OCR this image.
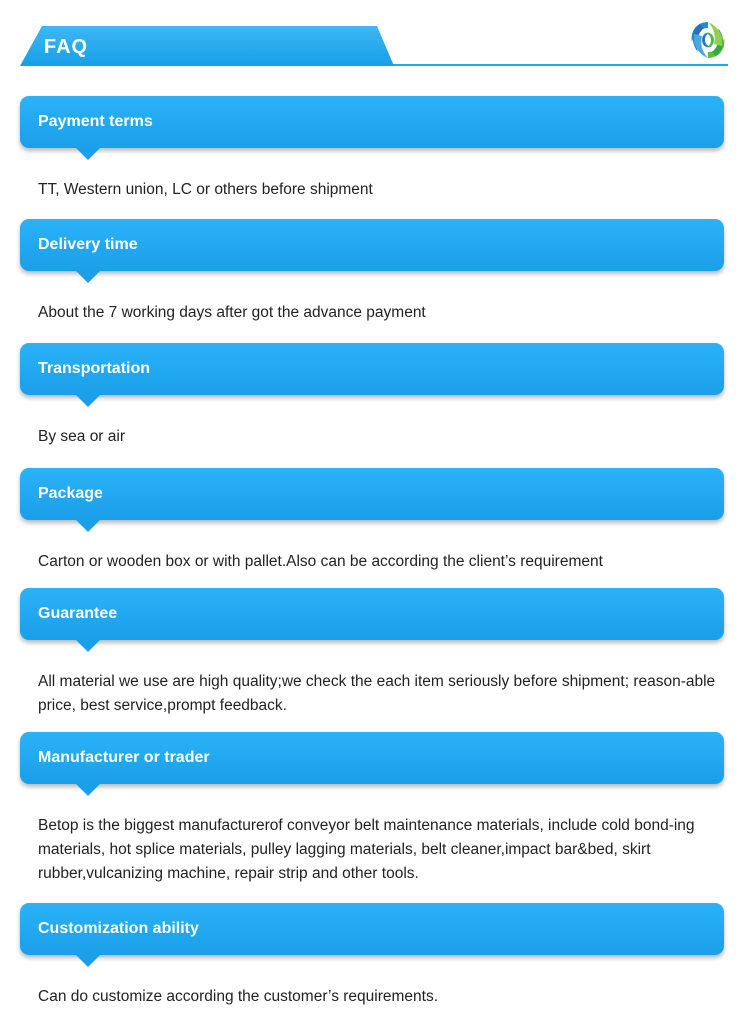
FAQ
Payment terms
TT, Western union, LC or others before shipment
Delivery time
About the 7 working days after got the advance payment
Transportation
By sea or air
Package
Carton or wooden box or with pallet.Also can be according the client’s requirement
Guarantee
All material we use are high quality;we check the each item seriously before shipment; reason-able price, best service,prompt feedback.
Manufacturer or trader
Betop is the biggest manufacturerof conveyor belt maintenance materials, include cold bond-ing materials, hot splice materials, pulley lagging materials, belt cleaner,impact bar&bed, skirt rubber,vulcanizing machine, repair strip and other tools.
Customization ability
Can do customize according the customer’s requirements.
